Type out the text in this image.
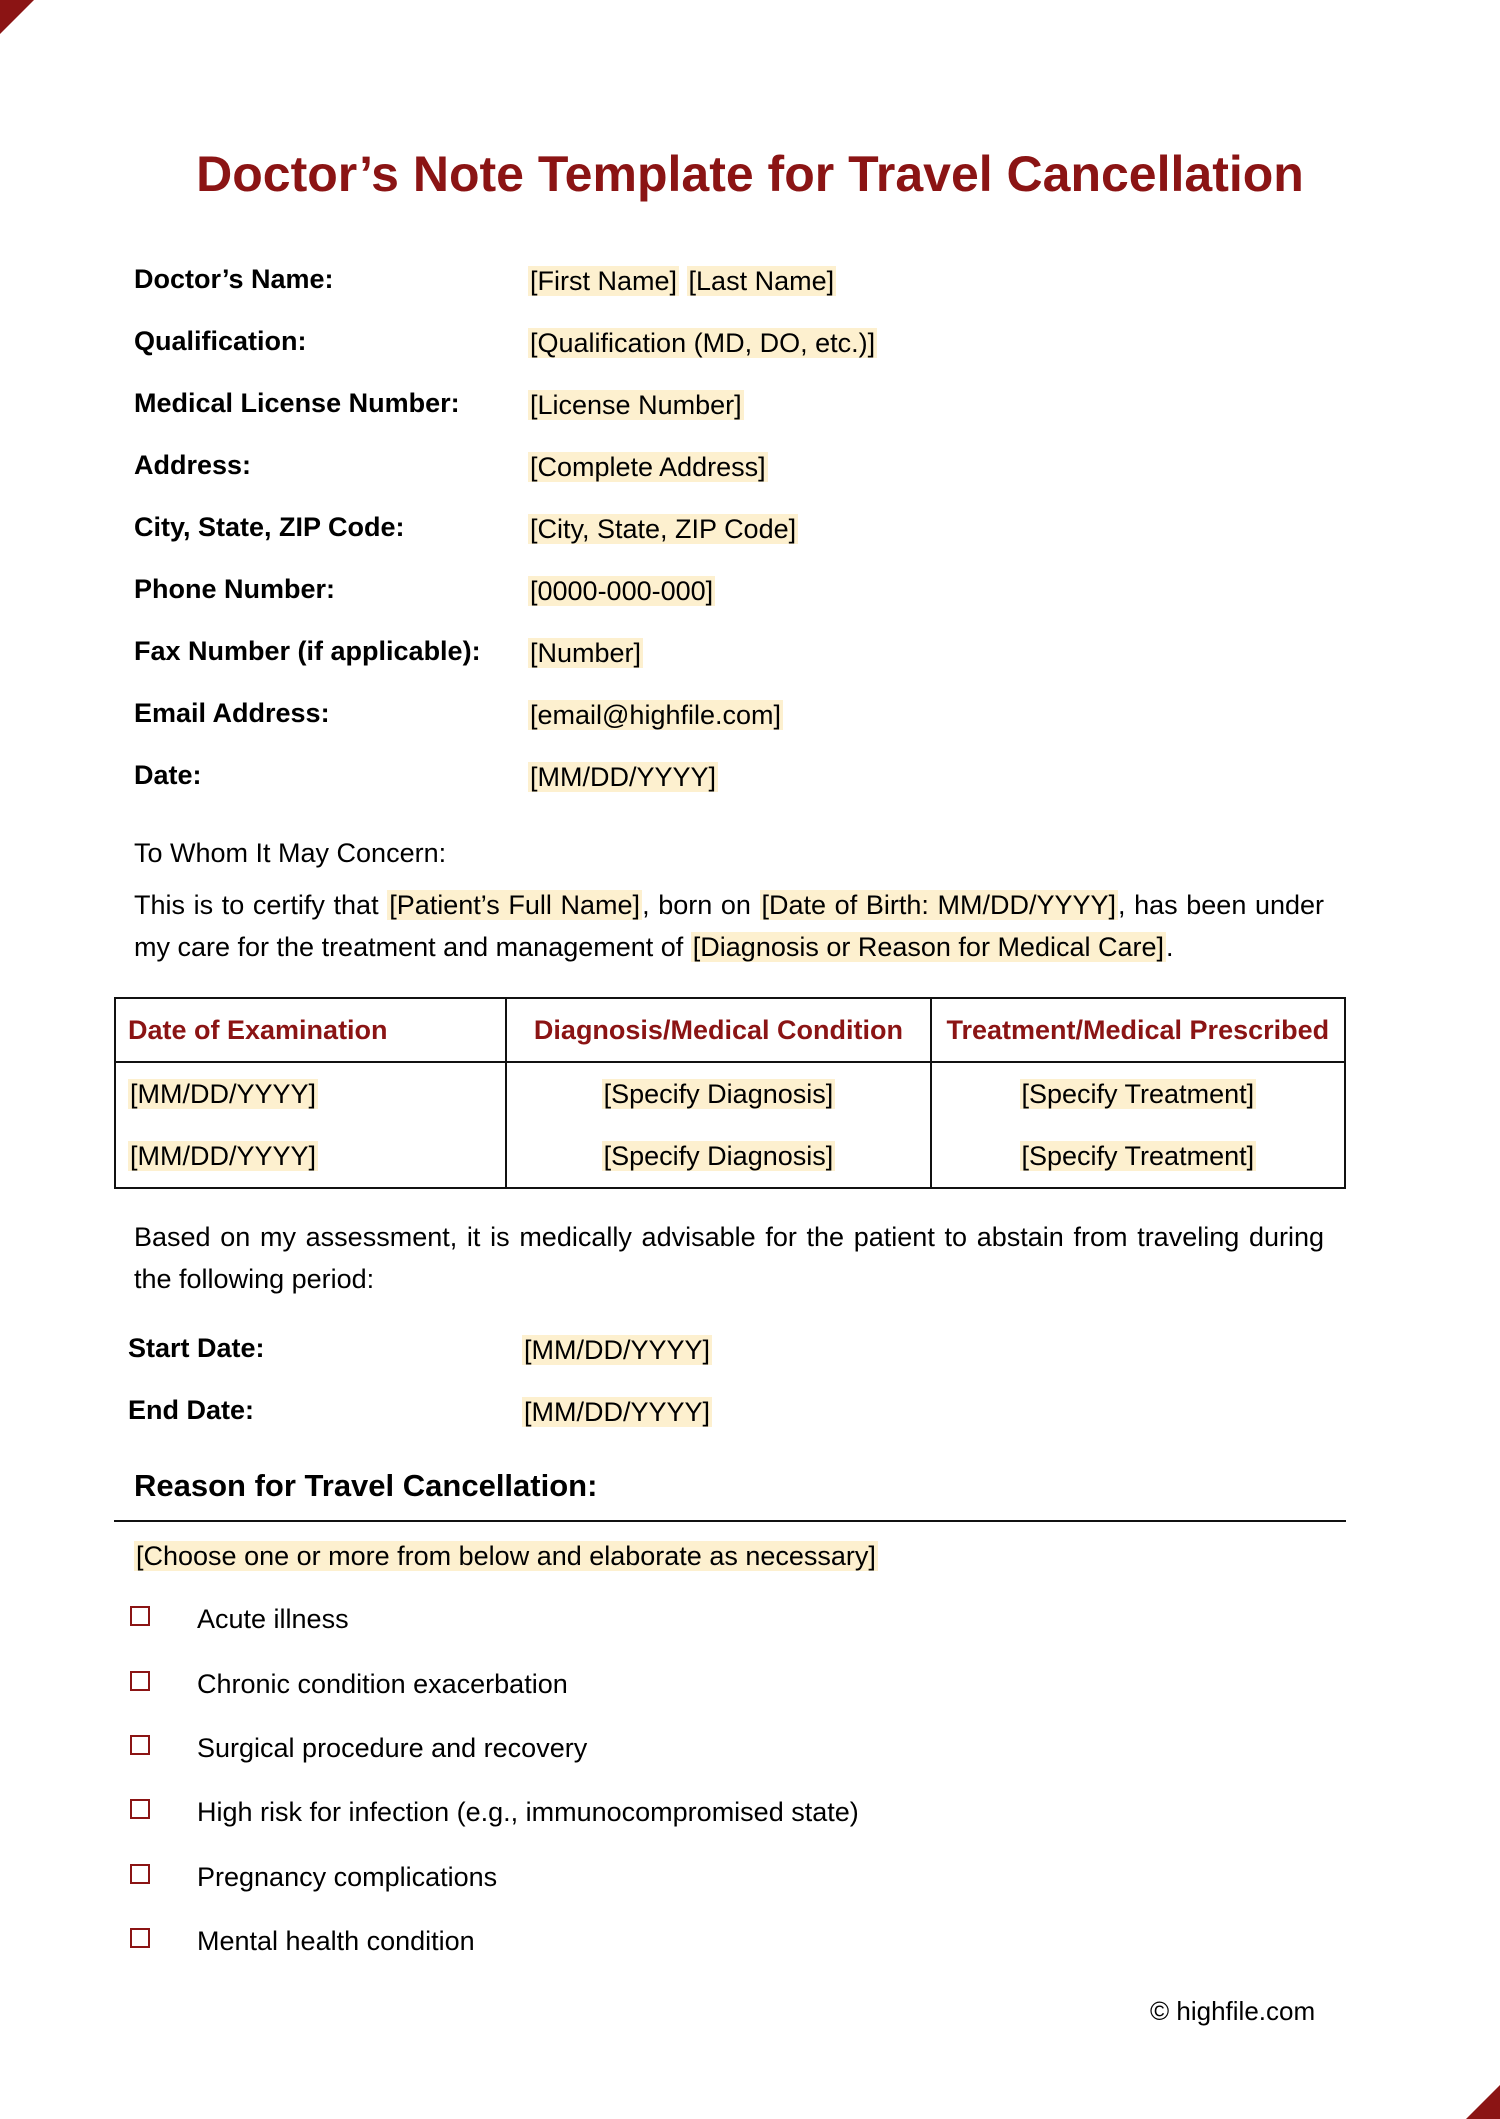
Doctor’s Note Template for Travel Cancellation
Doctor’s Name:	[First Name] [Last Name]
Qualification:	[Qualification (MD, DO, etc.)]
Medical License Number:	[License Number]
Address:	[Complete Address]
City, State, ZIP Code:	[City, State, ZIP Code]
Phone Number:	[0000-000-000]
Fax Number (if applicable): [Number]
Email Address:	[email@highfile.com]
Date:	[MM/DD/YYYY]

To Whom It May Concern:

This is to certify that [Patient’s Full Name], born on [Date of Birth: MM/DD/YYYY], has been under my care for the treatment and management of [Diagnosis or Reason for Medical Care].

Date of Examination	Diagnosis/Medical Condition	Treatment/Medical Prescribed
[MM/DD/YYYY]	[Specify Diagnosis]	[Specify Treatment]
[MM/DD/YYYY]	[Specify Diagnosis]	[Specify Treatment]

Based on my assessment, it is medically advisable for the patient to abstain from traveling during the following period:

Start Date:	[MM/DD/YYYY]
End Date:	[MM/DD/YYYY]
Reason for Travel Cancellation:
[Choose one or more from below and elaborate as necessary]
Acute illness
Chronic condition exacerbation
Surgical procedure and recovery
High risk for infection (e.g., immunocompromised state)
Pregnancy complications
Mental health condition
© highfile.com
